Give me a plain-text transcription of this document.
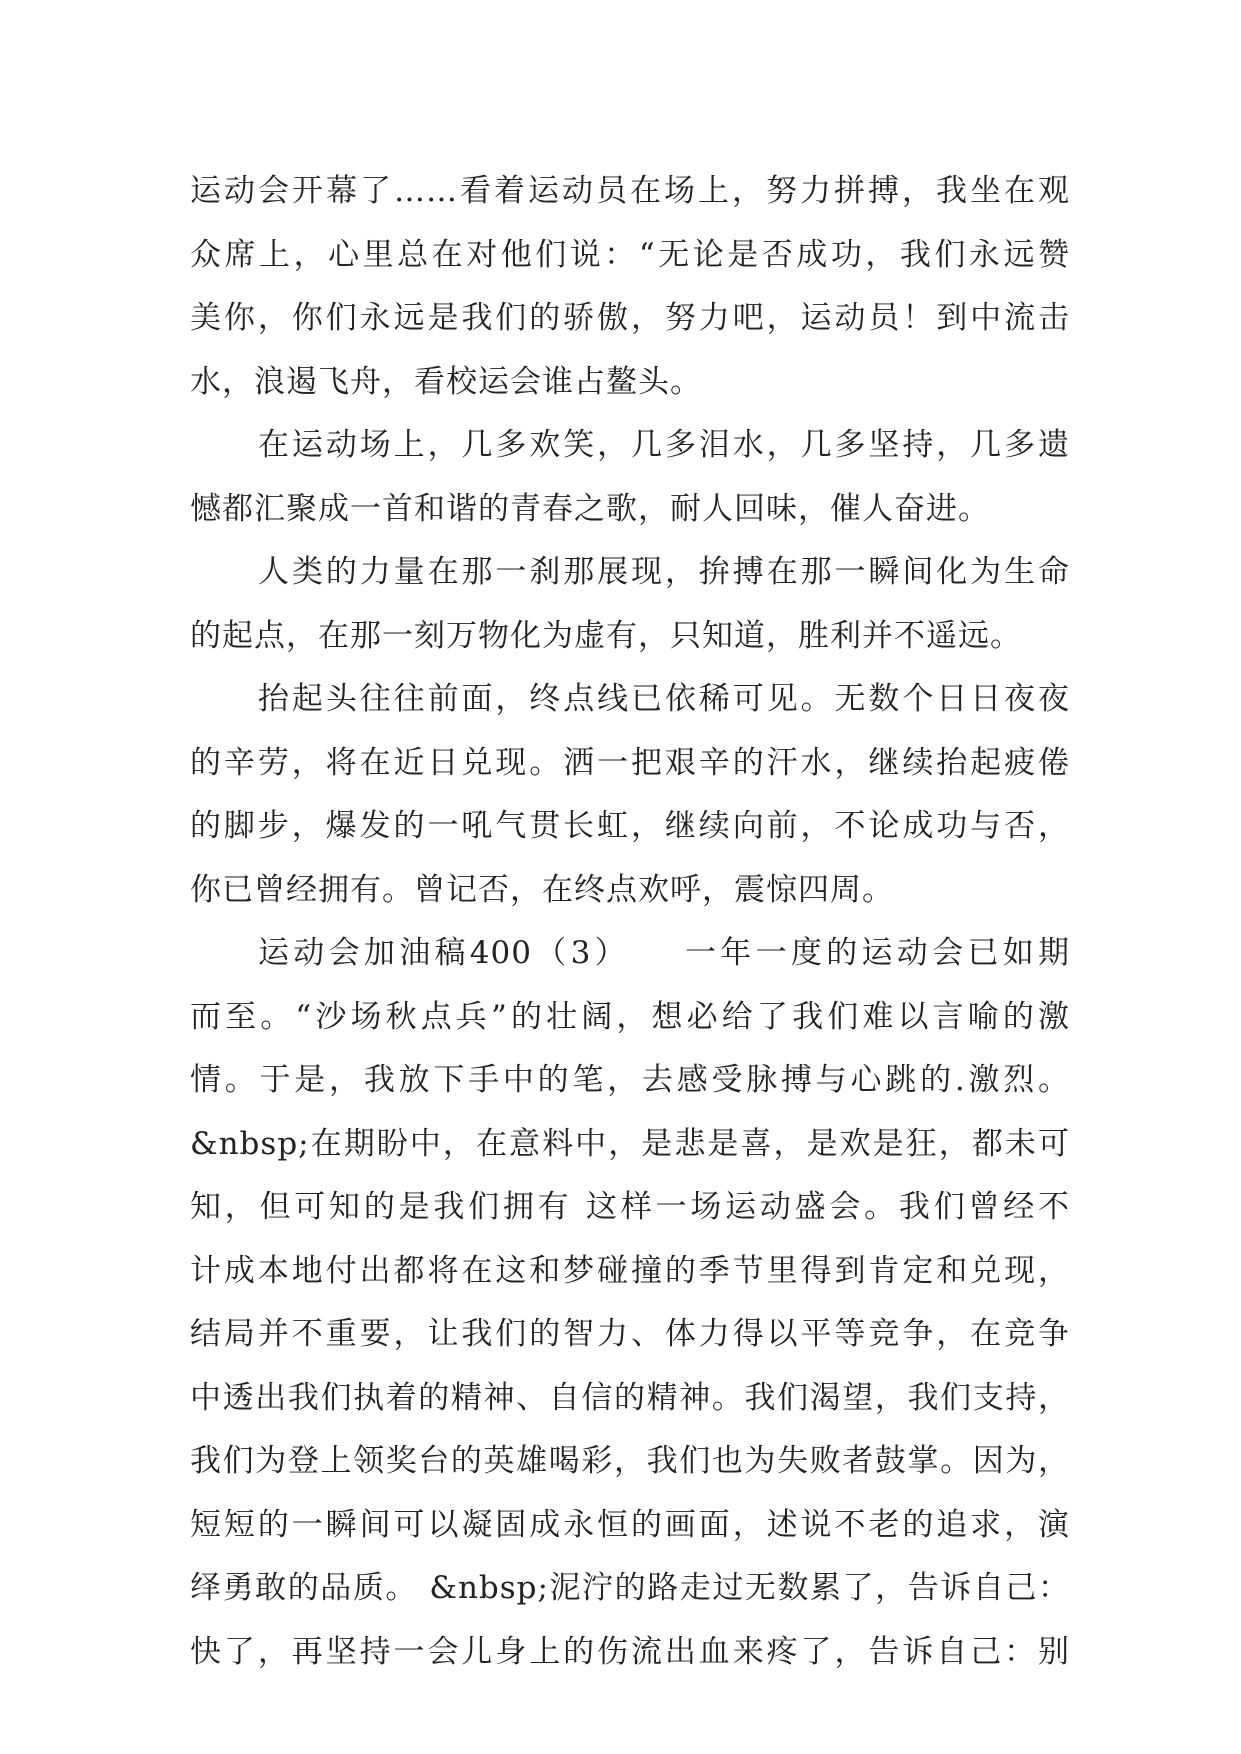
运动会开幕了……看着运动员在场上，努力拼搏，我坐在观
众席上，心里总在对他们说：“无论是否成功，我们永远赞
美你，你们永远是我们的骄傲，努力吧，运动员！到中流击
水，浪遏飞舟，看校运会谁占鳌头。
在运动场上，几多欢笑，几多泪水，几多坚持，几多遗
憾都汇聚成一首和谐的青春之歌，耐人回味，催人奋进。
人类的力量在那一刹那展现，拚搏在那一瞬间化为生命
的起点，在那一刻万物化为虚有，只知道，胜利并不遥远。
抬起头往往前面，终点线已依稀可见。无数个日日夜夜
的辛劳，将在近日兑现。洒一把艰辛的汗水，继续抬起疲倦
的脚步，爆发的一吼气贯长虹，继续向前，不论成功与否，
你已曾经拥有。曾记否，在终点欢呼，震惊四周。
运动会加油稿400（3）　　一年一度的运动会已如期
而至。“沙场秋点兵”的壮阔，想必给了我们难以言喻的激
情。于是，我放下手中的笔，去感受脉搏与心跳的.激烈。
&nbsp;在期盼中，在意料中，是悲是喜，是欢是狂，都未可
知，但可知的是我们拥有 这样一场运动盛会。我们曾经不
计成本地付出都将在这和梦碰撞的季节里得到肯定和兑现，
结局并不重要，让我们的智力、体力得以平等竞争，在竞争
中透出我们执着的精神、自信的精神。我们渴望，我们支持，
我们为登上领奖台的英雄喝彩，我们也为失败者鼓掌。因为，
短短的一瞬间可以凝固成永恒的画面，述说不老的追求，演
绎勇敢的品质。 &nbsp;泥泞的路走过无数累了，告诉自己：
快了，再坚持一会儿身上的伤流出血来疼了，告诉自己：别
